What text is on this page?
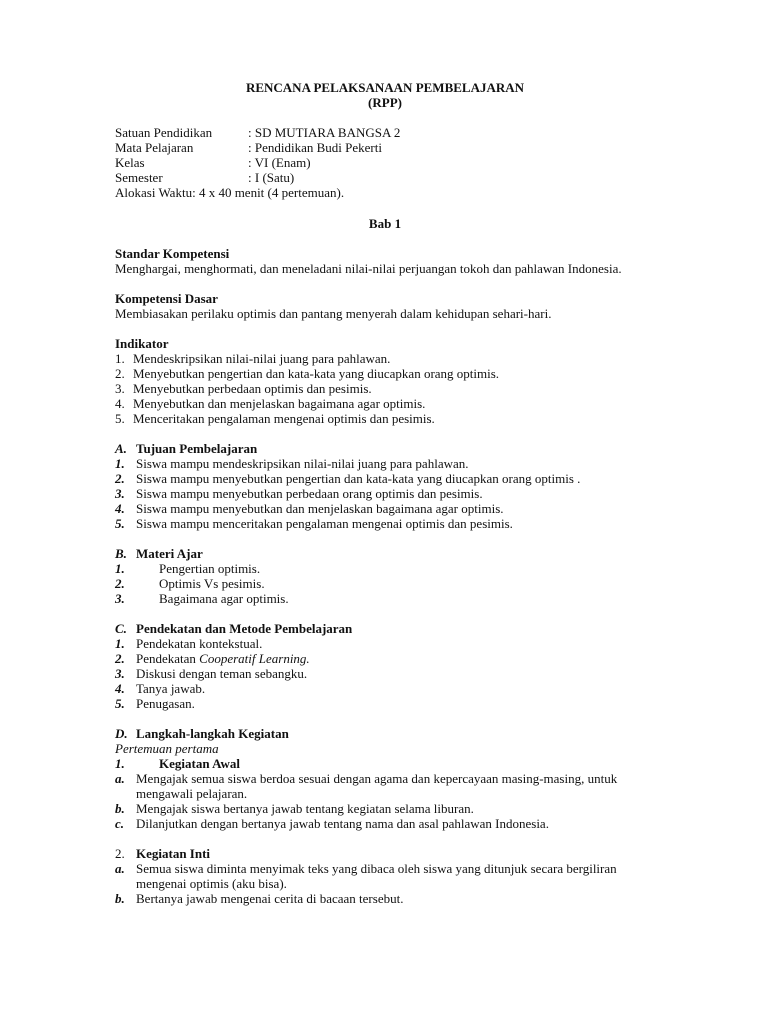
RENCANA PELAKSANAAN PEMBELAJARAN
(RPP)
Satuan Pendidikan	: SD MUTIARA BANGSA 2
Mata Pelajaran	: Pendidikan Budi Pekerti
Kelas	: VI (Enam)
Semester	: I (Satu)
Alokasi Waktu: 4 x 40 menit (4 pertemuan).
Bab 1
Standar Kompetensi
Menghargai, menghormati, dan meneladani nilai-nilai perjuangan tokoh dan pahlawan Indonesia.
Kompetensi Dasar
Membiasakan perilaku optimis dan pantang menyerah dalam kehidupan sehari-hari.
Indikator
1. Mendeskripsikan nilai-nilai juang para pahlawan.
2. Menyebutkan pengertian dan kata-kata yang diucapkan orang optimis.
3. Menyebutkan perbedaan optimis dan pesimis.
4. Menyebutkan dan menjelaskan bagaimana agar optimis.
5. Menceritakan pengalaman mengenai optimis dan pesimis.
A. Tujuan Pembelajaran
1. Siswa mampu mendeskripsikan nilai-nilai juang para pahlawan.
2. Siswa mampu menyebutkan pengertian dan kata-kata yang diucapkan orang optimis .
3. Siswa mampu menyebutkan perbedaan orang optimis dan pesimis.
4. Siswa mampu menyebutkan dan menjelaskan bagaimana agar optimis.
5. Siswa mampu menceritakan pengalaman mengenai optimis dan pesimis.
B. Materi Ajar
1.	Pengertian optimis.
2.	Optimis Vs pesimis.
3.	Bagaimana agar optimis.
C. Pendekatan dan Metode Pembelajaran
1. Pendekatan kontekstual.
2. Pendekatan Cooperatif Learning.
3. Diskusi dengan teman sebangku.
4. Tanya jawab.
5. Penugasan.
D. Langkah-langkah Kegiatan
Pertemuan pertama
1.	Kegiatan Awal
a. Mengajak semua siswa berdoa sesuai dengan agama dan kepercayaan masing-masing, untuk mengawali pelajaran.
b. Mengajak siswa bertanya jawab tentang kegiatan selama liburan.
c. Dilanjutkan dengan bertanya jawab tentang nama dan asal pahlawan Indonesia.
2. Kegiatan Inti
a. Semua siswa diminta menyimak teks yang dibaca oleh siswa yang ditunjuk secara bergiliran mengenai optimis (aku bisa).
b. Bertanya jawab mengenai cerita di bacaan tersebut.
